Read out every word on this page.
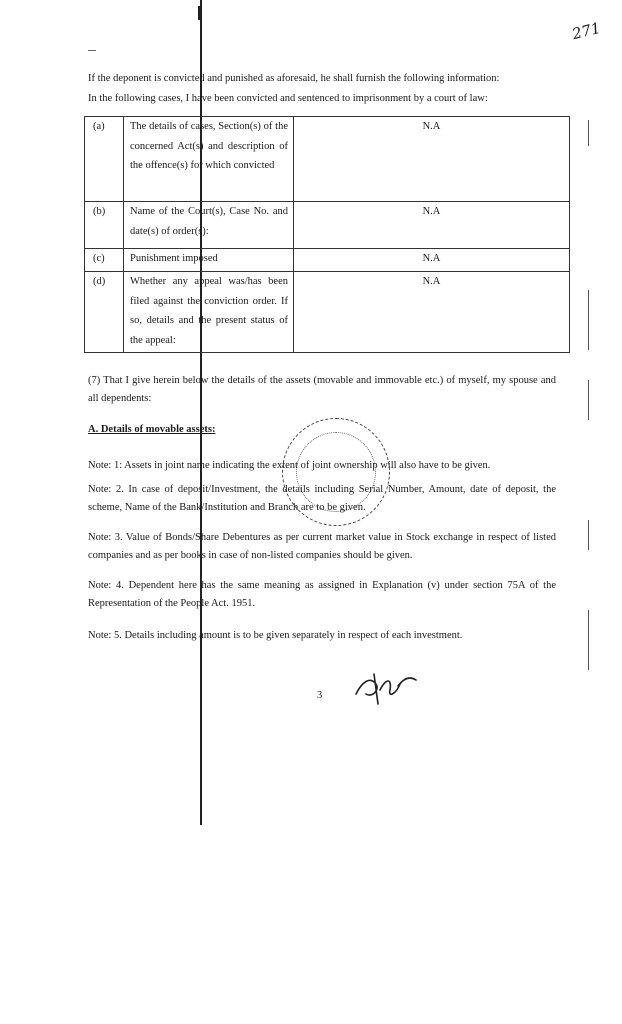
271
If the deponent is convicted and punished as aforesaid, he shall furnish the following information:
In the following cases, I have been convicted and sentenced to imprisonment by a court of law:
(a)	The details of cases, Section(s) of the concerned Act(s) and description of the offence(s) for which convicted	N.A
(b)	Name of the Court(s), Case No. and date(s) of order(s):	N.A
(c)	Punishment imposed	N.A
(d)	Whether any appeal was/has been filed against the conviction order. If so, details and the present status of the appeal:	N.A
(7) That I give herein below the details of the assets (movable and immovable etc.) of myself, my spouse and all dependents:
A. Details of movable assets:
Note: 1: Assets in joint name indicating the extent of joint ownership will also have to be given.
Note: 2. In case of deposit/Investment, the details including Serial Number, Amount, date of deposit, the scheme, Name of the Bank/Institution and Branch are to be given.
Note: 3. Value of Bonds/Share Debentures as per current market value in Stock exchange in respect of listed companies and as per books in case of non-listed companies should be given.
Note: 4. Dependent here has the same meaning as assigned in Explanation (v) under section 75A of the Representation of the People Act. 1951.
Note: 5. Details including amount is to be given separately in respect of each investment.
3
